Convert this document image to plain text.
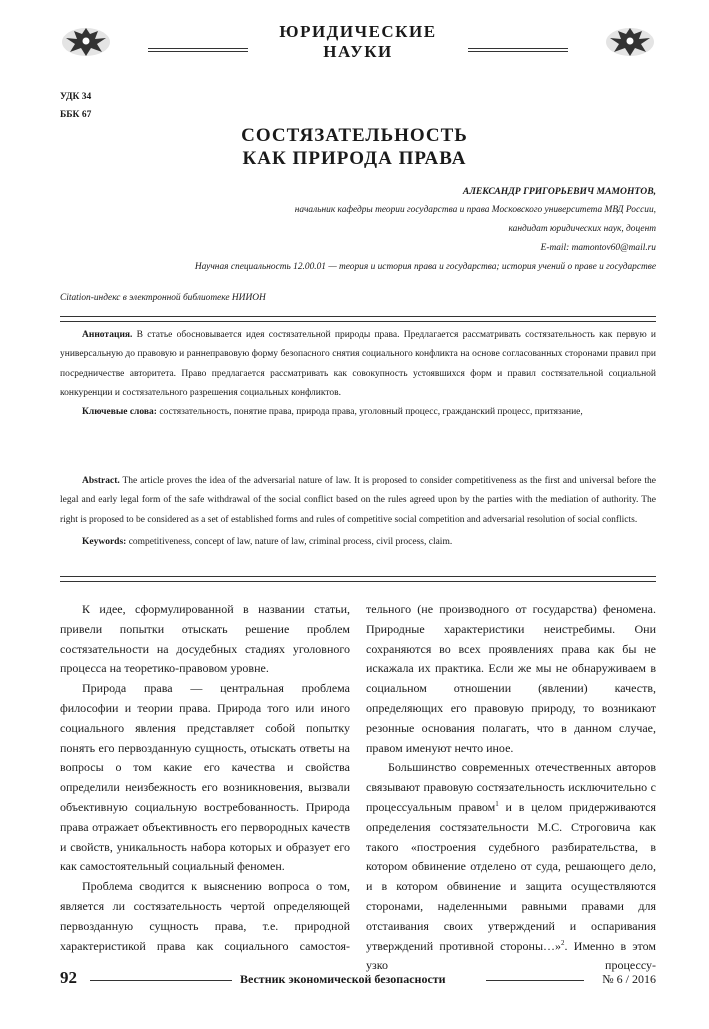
ЮРИДИЧЕСКИЕ НАУКИ
УДК 34
ББК 67
СОСТЯЗАТЕЛЬНОСТЬ
КАК ПРИРОДА ПРАВА
АЛЕКСАНДР ГРИГОРЬЕВИЧ МАМОНТОВ,
начальник кафедры теории государства и права Московского университета МВД России,
кандидат юридических наук, доцент
E-mail: mamontov60@mail.ru
Научная специальность 12.00.01 — теория и история права и государства; история учений о праве и государстве
Citation-индекс в электронной библиотеке НИИОН

Аннотация. В статье обосновывается идея состязательной природы права. Предлагается рассматривать состязательность как первую и универсальную до правовую и раннеправовую форму безопасного снятия социального конфликта на основе согласованных сторонами правил при посредничестве авторитета. Право предлагается рассматривать как совокупность устоявшихся форм и правил состязательной социальной конкуренции и состязательного разрешения социальных конфликтов.

Ключевые слова: состязательность, понятие права, природа права, уголовный процесс, гражданский процесс, притязание,

Abstract. The article proves the idea of the adversarial nature of law. It is proposed to consider competitiveness as the first and universal before the legal and early legal form of the safe withdrawal of the social conflict based on the rules agreed upon by the parties with the mediation of authority. The right is proposed to be considered as a set of established forms and rules of competitive social competition and adversarial resolution of social conflicts.

Keywords: competitiveness, concept of law, nature of law, criminal process, civil process, claim.

К идее, сформулированной в названии статьи, привели попытки отыскать решение проблем состязательности на досудебных стадиях уголовного процесса на теоретико-правовом уровне.

Природа права — центральная проблема философии и теории права. Природа того или иного социального явления представляет собой попытку понять его первозданную сущность, отыскать ответы на вопросы о том какие его качества и свойства определили неизбежность его возникновения, вызвали объективную социальную востребованность. Природа права отражает объективность его первородных качеств и свойств, уникальность набора которых и образует его как самостоятельный социальный феномен.

Проблема сводится к выяснению вопроса о том, является ли состязательность чертой определяющей первозданную сущность права, т.е. природной характеристикой права как социального самостоя-

тельного (не производного от государства) феномена. Природные характеристики неистребимы. Они сохраняются во всех проявлениях права как бы не искажала их практика. Если же мы не обнаруживаем в социальном отношении (явлении) качеств, определяющих его правовую природу, то возникают резонные основания полагать, что в данном случае, правом именуют нечто иное.

Большинство современных отечественных авторов связывают правовую состязательность исключительно с процессуальным правом$^1$ и в целом придерживаются определения состязательности М.С. Строговича как такого «построения судебного разбирательства, в котором обвинение отделено от суда, решающего дело, и в котором обвинение и защита осуществляются сторонами, наделенными равными правами для отстаивания своих утверждений и оспаривания утверждений противной стороны…»$^2$. Именно в этом узко процессу-

92	Вестник экономической безопасности	№ 6 / 2016
